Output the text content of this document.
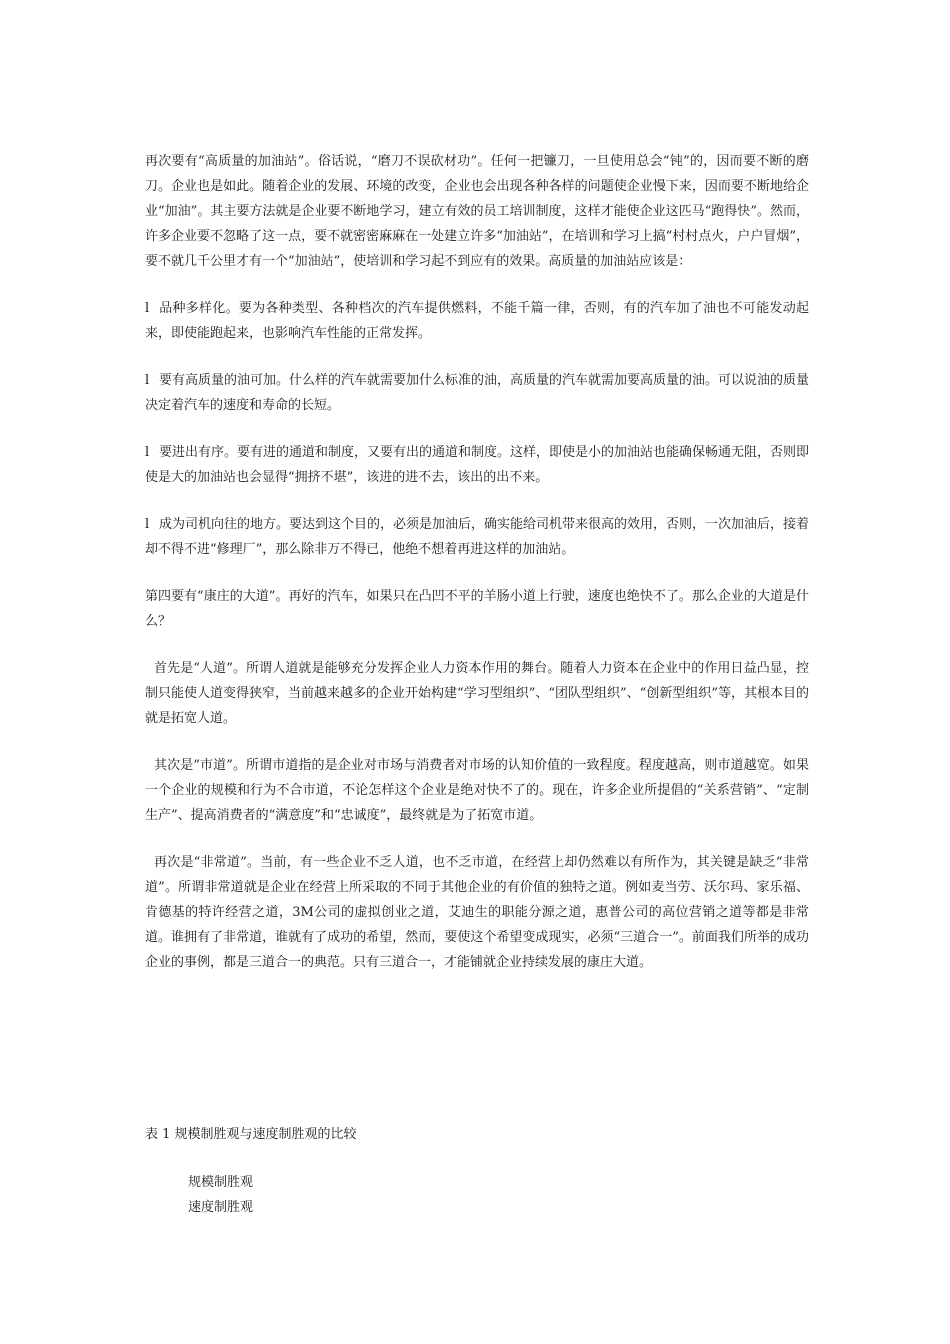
再次要有“高质量的加油站”。俗话说，“磨刀不误砍材功”。任何一把镰刀，一旦使用总会“钝”的，因而要不断的磨刀。企业也是如此。随着企业的发展、环境的改变，企业也会出现各种各样的问题使企业慢下来，因而要不断地给企业“加油”。其主要方法就是企业要不断地学习，建立有效的员工培训制度，这样才能使企业这匹马“跑得快”。然而，许多企业要不忽略了这一点，要不就密密麻麻在一处建立许多“加油站”，在培训和学习上搞“村村点火，户户冒烟”，要不就几千公里才有一个“加油站”，使培训和学习起不到应有的效果。高质量的加油站应该是：

l 品种多样化。要为各种类型、各种档次的汽车提供燃料，不能千篇一律，否则，有的汽车加了油也不可能发动起来，即使能跑起来，也影响汽车性能的正常发挥。

l 要有高质量的油可加。什么样的汽车就需要加什么标准的油，高质量的汽车就需加要高质量的油。可以说油的质量决定着汽车的速度和寿命的长短。

l 要进出有序。要有进的通道和制度，又要有出的通道和制度。这样，即使是小的加油站也能确保畅通无阻，否则即使是大的加油站也会显得“拥挤不堪”，该进的进不去，该出的出不来。

l 成为司机向往的地方。要达到这个目的，必须是加油后，确实能给司机带来很高的效用，否则，一次加油后，接着却不得不进“修理厂”，那么除非万不得已，他绝不想着再进这样的加油站。

第四要有“康庄的大道”。再好的汽车，如果只在凸凹不平的羊肠小道上行驶，速度也绝快不了。那么企业的大道是什么？

首先是“人道”。所谓人道就是能够充分发挥企业人力资本作用的舞台。随着人力资本在企业中的作用日益凸显，控制只能使人道变得狭窄，当前越来越多的企业开始构建“学习型组织”、“团队型组织”、“创新型组织”等，其根本目的就是拓宽人道。

其次是“市道”。所谓市道指的是企业对市场与消费者对市场的认知价值的一致程度。程度越高，则市道越宽。如果一个企业的规模和行为不合市道，不论怎样这个企业是绝对快不了的。现在，许多企业所提倡的“关系营销”、“定制生产”、提高消费者的“满意度”和“忠诚度”，最终就是为了拓宽市道。

再次是“非常道”。当前，有一些企业不乏人道，也不乏市道，在经营上却仍然难以有所作为，其关键是缺乏“非常道”。所谓非常道就是企业在经营上所采取的不同于其他企业的有价值的独特之道。例如麦当劳、沃尔玛、家乐福、肯德基的特许经营之道，3M公司的虚拟创业之道，艾迪生的职能分源之道，惠普公司的高位营销之道等都是非常道。谁拥有了非常道，谁就有了成功的希望，然而，要使这个希望变成现实，必须“三道合一”。前面我们所举的成功企业的事例，都是三道合一的典范。只有三道合一，才能铺就企业持续发展的康庄大道。

表 1 规模制胜观与速度制胜观的比较

规模制胜观
速度制胜观
